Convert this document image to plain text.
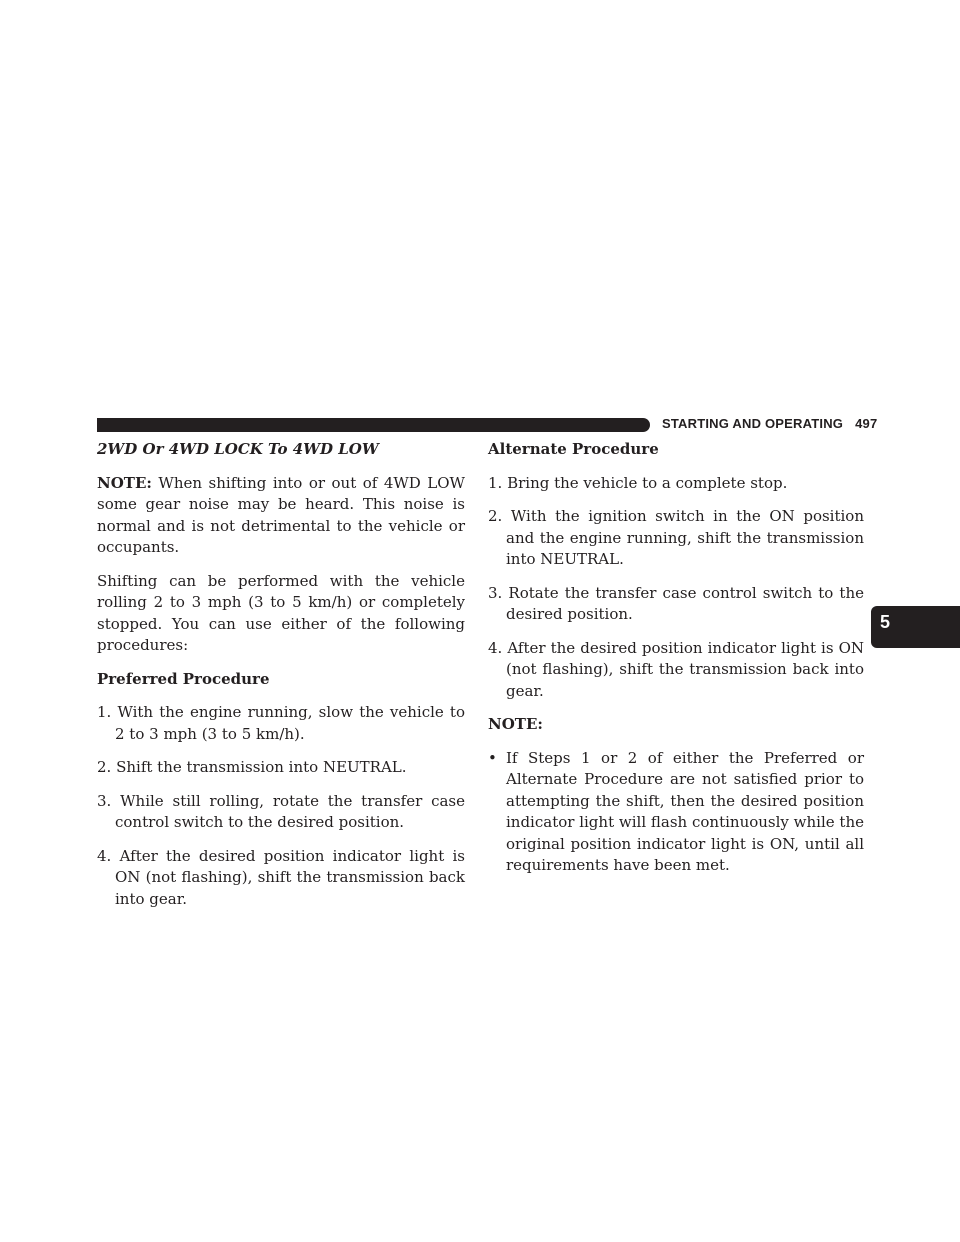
STARTING AND OPERATING 497
5

2WD Or 4WD LOCK To 4WD LOW

NOTE: When shifting into or out of 4WD LOW some gear noise may be heard. This noise is normal and is not detrimental to the vehicle or occupants.

Shifting can be performed with the vehicle rolling 2 to 3 mph (3 to 5 km/h) or completely stopped. You can use either of the following procedures:

Preferred Procedure

1. With the engine running, slow the vehicle to 2 to 3 mph (3 to 5 km/h).

2. Shift the transmission into NEUTRAL.

3. While still rolling, rotate the transfer case control switch to the desired position.

4. After the desired position indicator light is ON (not flashing), shift the transmission back into gear.

Alternate Procedure

1. Bring the vehicle to a complete stop.

2. With the ignition switch in the ON position and the engine running, shift the transmission into NEUTRAL.

3. Rotate the transfer case control switch to the desired position.

4. After the desired position indicator light is ON (not flashing), shift the transmission back into gear.

NOTE:

• If Steps 1 or 2 of either the Preferred or Alternate Procedure are not satisfied prior to attempting the shift, then the desired position indicator light will flash continuously while the original position indicator light is ON, until all requirements have been met.
